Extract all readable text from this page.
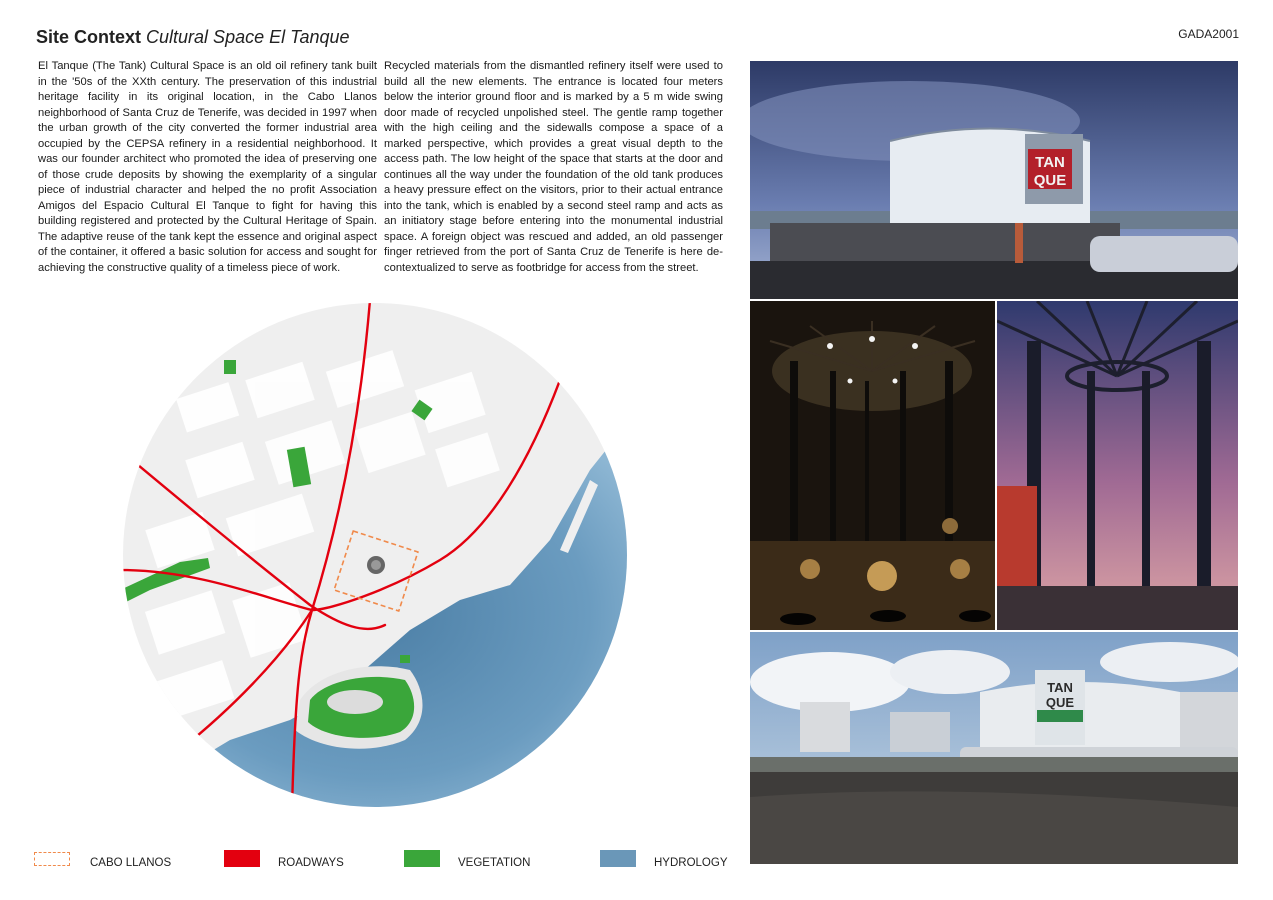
Site Context Cultural Space El Tanque	GADA2001

El Tanque (The Tank) Cultural Space is an old oil refinery tank built in the '50s of the XXth century. The preservation of this industrial heritage facility in its original location, in the Cabo Llanos neighborhood of Santa Cruz de Tenerife, was decided in 1997 when the urban growth of the city converted the former industrial area occupied by the CEPSA refinery in a residential neighborhood. It was our founder architect who promoted the idea of preserving one of those crude deposits by showing the exemplarity of a singular piece of industrial character and helped the no profit Association Amigos del Espacio Cultural El Tanque to fight for having this building registered and protected by the Cultural Heritage of Spain. The adaptive reuse of the tank kept the essence and original aspect of the container, it offered a basic solution for access and sought for achieving the constructive quality of a timeless piece of work.

Recycled materials from the dismantled refinery itself were used to build all the new elements. The entrance is located four meters below the interior ground floor and is marked by a 5 m wide swing door made of recycled unpolished steel. The gentle ramp together with the high ceiling and the sidewalls compose a space of a marked perspective, which provides a great visual depth to the access path. The low height of the space that starts at the door and continues all the way under the foundation of the old tank produces a heavy pressure effect on the visitors, prior to their actual entrance into the tank, which is enabled by a second steel ramp and acts as an initiatory stage before entering into the monumental industrial space. A foreign object was rescued and added, an old passenger finger retrieved from the port of Santa Cruz de Tenerife is here de-contextualized to serve as footbridge for access from the street.

TAN
QUE
TAN
QUE
CABO LLANOS	ROADWAYS	VEGETATION	HYDROLOGY
